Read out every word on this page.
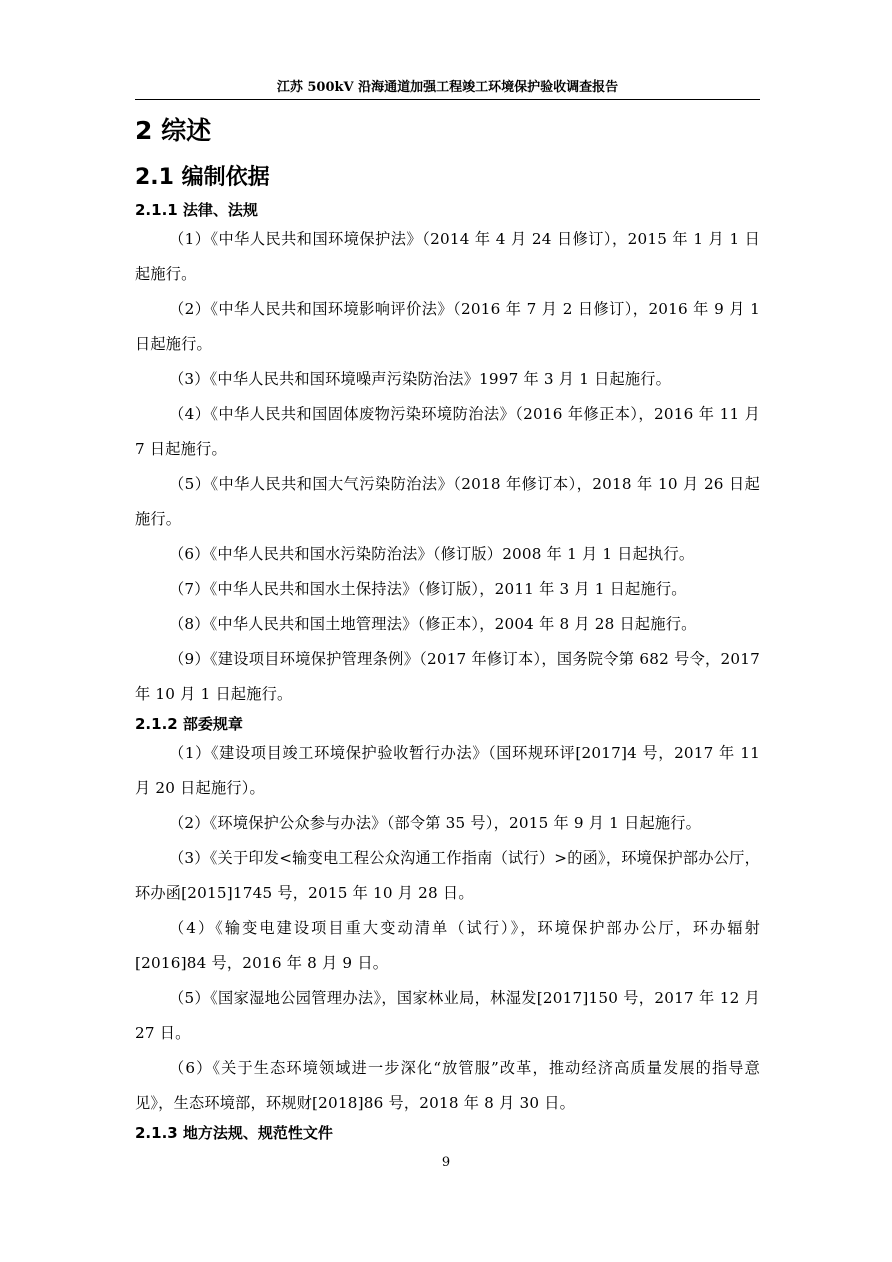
江苏 500kV 沿海通道加强工程竣工环境保护验收调查报告
2 综述
2.1 编制依据
2.1.1 法律、法规

（1）《中华人民共和国环境保护法》（2014 年 4 月 24 日修订），2015 年 1 月 1 日起施行。

（2）《中华人民共和国环境影响评价法》（2016 年 7 月 2 日修订），2016 年 9 月 1 日起施行。

（3）《中华人民共和国环境噪声污染防治法》1997 年 3 月 1 日起施行。

（4）《中华人民共和国固体废物污染环境防治法》（2016 年修正本），2016 年 11 月 7 日起施行。

（5）《中华人民共和国大气污染防治法》（2018 年修订本），2018 年 10 月 26 日起施行。

（6）《中华人民共和国水污染防治法》（修订版）2008 年 1 月 1 日起执行。

（7）《中华人民共和国水土保持法》（修订版），2011 年 3 月 1 日起施行。

（8）《中华人民共和国土地管理法》（修正本），2004 年 8 月 28 日起施行。

（9）《建设项目环境保护管理条例》（2017 年修订本），国务院令第 682 号令，2017 年 10 月 1 日起施行。

2.1.2 部委规章

（1）《建设项目竣工环境保护验收暂行办法》（国环规环评[2017]4 号，2017 年 11 月 20 日起施行）。

（2）《环境保护公众参与办法》（部令第 35 号），2015 年 9 月 1 日起施行。

（3）《关于印发<输变电工程公众沟通工作指南（试行）>的函》，环境保护部办公厅，环办函[2015]1745 号，2015 年 10 月 28 日。

（4）《输变电建设项目重大变动清单（试行）》，环境保护部办公厅，环办辐射[2016]84 号，2016 年 8 月 9 日。

（5）《国家湿地公园管理办法》，国家林业局，林湿发[2017]150 号，2017 年 12 月 27 日。

（6）《关于生态环境领域进一步深化“放管服”改革，推动经济高质量发展的指导意见》，生态环境部，环规财[2018]86 号，2018 年 8 月 30 日。

2.1.3 地方法规、规范性文件
9
